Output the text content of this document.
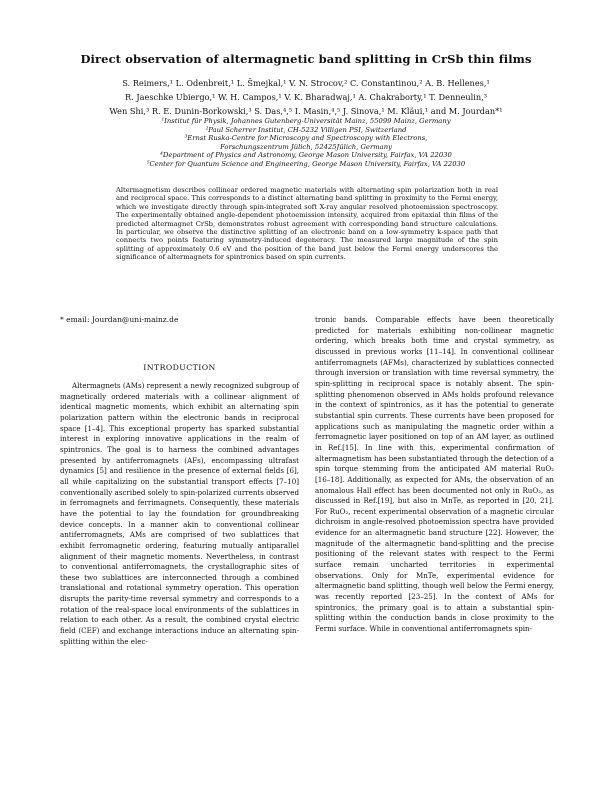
Direct observation of altermagnetic band splitting in CrSb thin films
S. Reimers,¹ L. Odenbreit,¹ L. Šmejkal,¹ V. N. Strocov,² C. Constantinou,² A. B. Hellenes,¹
R. Jaeschke Ubiergo,¹ W. H. Campos,¹ V. K. Bharadwaj,¹ A. Chakraborty,¹ T. Denneulin,³
Wen Shi,³ R. E. Dunin-Borkowski,³ S. Das,⁴,⁵ I. Masin,⁴,⁵ J. Sinova,¹ M. Kläui,¹ and M. Jourdan*¹
¹Institut für Physik, Johannes Gutenberg-Universität Mainz, 55099 Mainz, Germany
²Paul Scherrer Institut, CH-5232 Villigen PSI, Switzerland
³Ernst Ruska-Centre for Microscopy and Spectroscopy with Electrons,
Forschungszentrum Jülich, 52425Jülich, Germany
⁴Department of Physics and Astronomy, George Mason University, Fairfax, VA 22030
⁵Center for Quantum Science and Engineering, George Mason University, Fairfax, VA 22030
Altermagnetism describes collinear ordered magnetic materials with alternating spin polarization both in real and reciprocal space. This corresponds to a distinct alternating band splitting in proximity to the Fermi energy, which we investigate directly through spin-integrated soft X-ray angular resolved photoemission spectroscopy. The experimentally obtained angle-dependent photoemission intensity, acquired from epitaxial thin films of the predicted altermagnet CrSb, demonstrates robust agreement with corresponding band structure calculations. In particular, we observe the distinctive splitting of an electronic band on a low-symmetry k-space path that connects two points featuring symmetry-induced degeneracy. The measured large magnitude of the spin splitting of approximately 0.6 eV and the position of the band just below the Fermi energy underscores the significance of altermagnets for spintronics based on spin currents.
* email: Jourdan@uni-mainz.de
INTRODUCTION

Altermagnets (AMs) represent a newly recognized subgroup of magnetically ordered materials with a collinear alignment of identical magnetic moments, which exhibit an alternating spin polarization pattern within the electronic bands in reciprocal space [1–4]. This exceptional property has sparked substantial interest in exploring innovative applications in the realm of spintronics. The goal is to harness the combined advantages presented by antiferromagnets (AFs), encompassing ultrafast dynamics [5] and resilience in the presence of external fields [6], all while capitalizing on the substantial transport effects [7–10] conventionally ascribed solely to spin-polarized currents observed in ferromagnets and ferrimagnets. Consequently, these materials have the potential to lay the foundation for groundbreaking device concepts. In a manner akin to conventional collinear antiferromagnets, AMs are comprised of two sublattices that exhibit ferromagnetic ordering, featuring mutually antiparallel alignment of their magnetic moments. Nevertheless, in contrast to conventional antiferromagnets, the crystallographic sites of these two sublattices are interconnected through a combined translational and rotational symmetry operation. This operation disrupts the parity-time reversal symmetry and corresponds to a rotation of the real-space local environments of the sublattices in relation to each other. As a result, the combined crystal electric field (CEF) and exchange interactions induce an alternating spin-splitting within the elec-

tronic bands. Comparable effects have been theoretically predicted for materials exhibiting non-collinear magnetic ordering, which breaks both time and crystal symmetry, as discussed in previous works [11–14]. In conventional collinear antiferromagnets (AFMs), characterized by sublattices connected through inversion or translation with time reversal symmetry, the spin-splitting in reciprocal space is notably absent. The spin-splitting phenomenon observed in AMs holds profound relevance in the context of spintronics, as it has the potential to generate substantial spin currents. These currents have been proposed for applications such as manipulating the magnetic order within a ferromagnetic layer positioned on top of an AM layer, as outlined in Ref.[15]. In line with this, experimental confirmation of altermagnetism has been substantiated through the detection of a spin torque stemming from the anticipated AM material RuO₂ [16–18]. Additionally, as expected for AMs, the observation of an anomalous Hall effect has been documented not only in RuO₂, as discussed in Ref.[19], but also in MnTe, as reported in [20, 21]. For RuO₂, recent experimental observation of a magnetic circular dichroism in angle-resolved photoemission spectra have provided evidence for an altermagnetic band structure [22]. However, the magnitude of the altermagnetic band-splitting and the precise positioning of the relevant states with respect to the Fermi surface remain uncharted territories in experimental observations. Only for MnTe, experimental evidence for altermagnetic band splitting, though well below the Fermi energy, was recently reported [23–25]. In the context of AMs for spintronics, the primary goal is to attain a substantial spin-splitting within the conduction bands in close proximity to the Fermi surface. While in conventional antiferromagnets spin-
